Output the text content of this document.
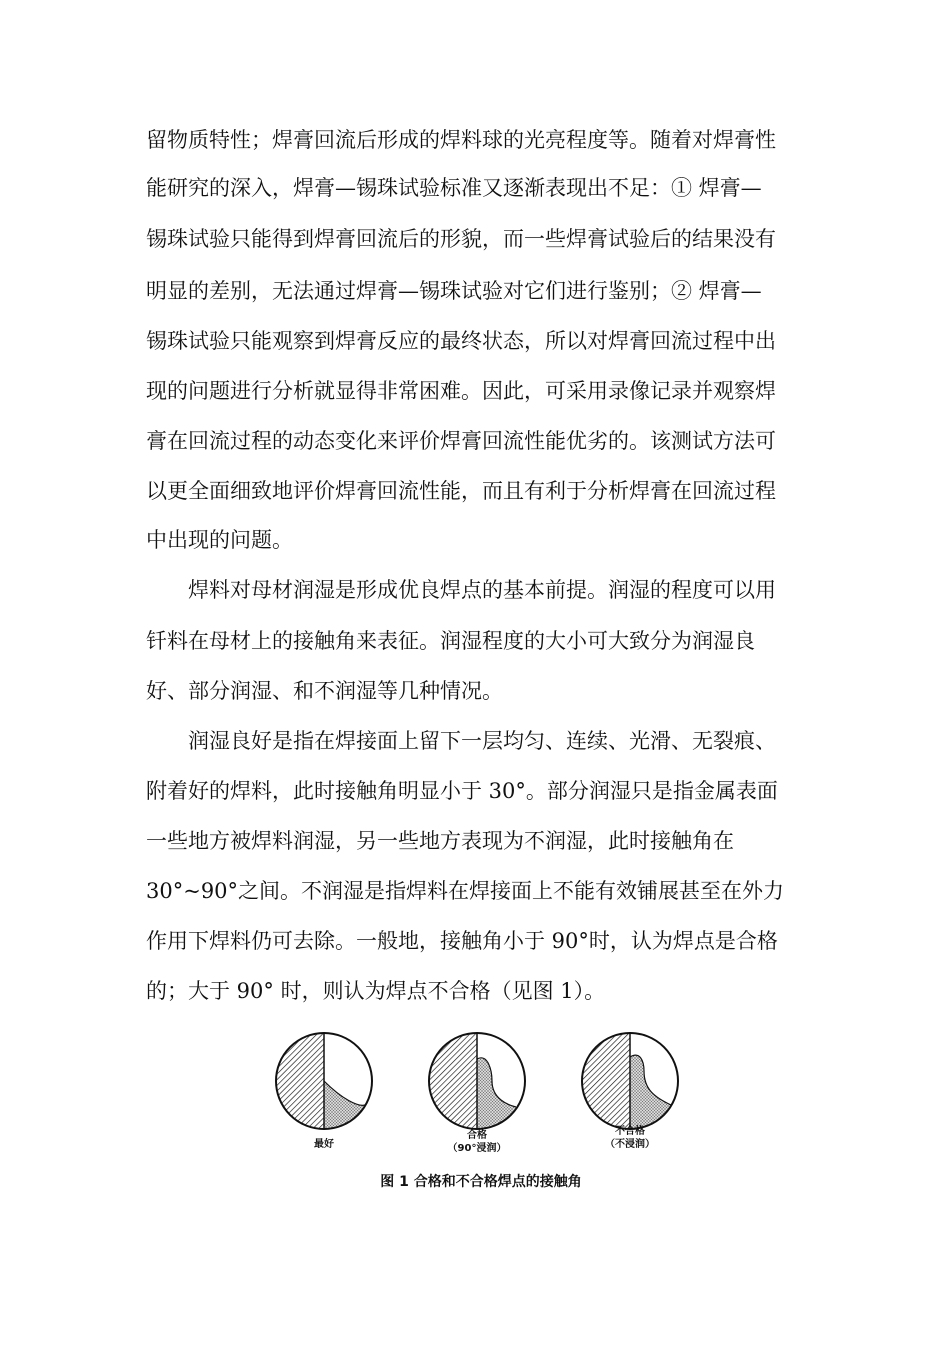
留物质特性；焊膏回流后形成的焊料球的光亮程度等。随着对焊膏性
能研究的深入，焊膏—锡珠试验标准又逐渐表现出不足：① 焊膏—
锡珠试验只能得到焊膏回流后的形貌，而一些焊膏试验后的结果没有
明显的差别，无法通过焊膏—锡珠试验对它们进行鉴别；② 焊膏—
锡珠试验只能观察到焊膏反应的最终状态，所以对焊膏回流过程中出
现的问题进行分析就显得非常困难。因此，可采用录像记录并观察焊
膏在回流过程的动态变化来评价焊膏回流性能优劣的。该测试方法可
以更全面细致地评价焊膏回流性能，而且有利于分析焊膏在回流过程
中出现的问题。
焊料对母材润湿是形成优良焊点的基本前提。润湿的程度可以用
钎料在母材上的接触角来表征。润湿程度的大小可大致分为润湿良
好、部分润湿、和不润湿等几种情况。
润湿良好是指在焊接面上留下一层均匀、连续、光滑、无裂痕、
附着好的焊料，此时接触角明显小于 30°。部分润湿只是指金属表面
一些地方被焊料润湿，另一些地方表现为不润湿，此时接触角在
30°~90°之间。不润湿是指焊料在焊接面上不能有效铺展甚至在外力
作用下焊料仍可去除。一般地，接触角小于 90°时，认为焊点是合格
的；大于 90° 时，则认为焊点不合格（见图 1）。
最好
合格
（90°浸润）
不合格
（不浸润）
图 1 合格和不合格焊点的接触角
